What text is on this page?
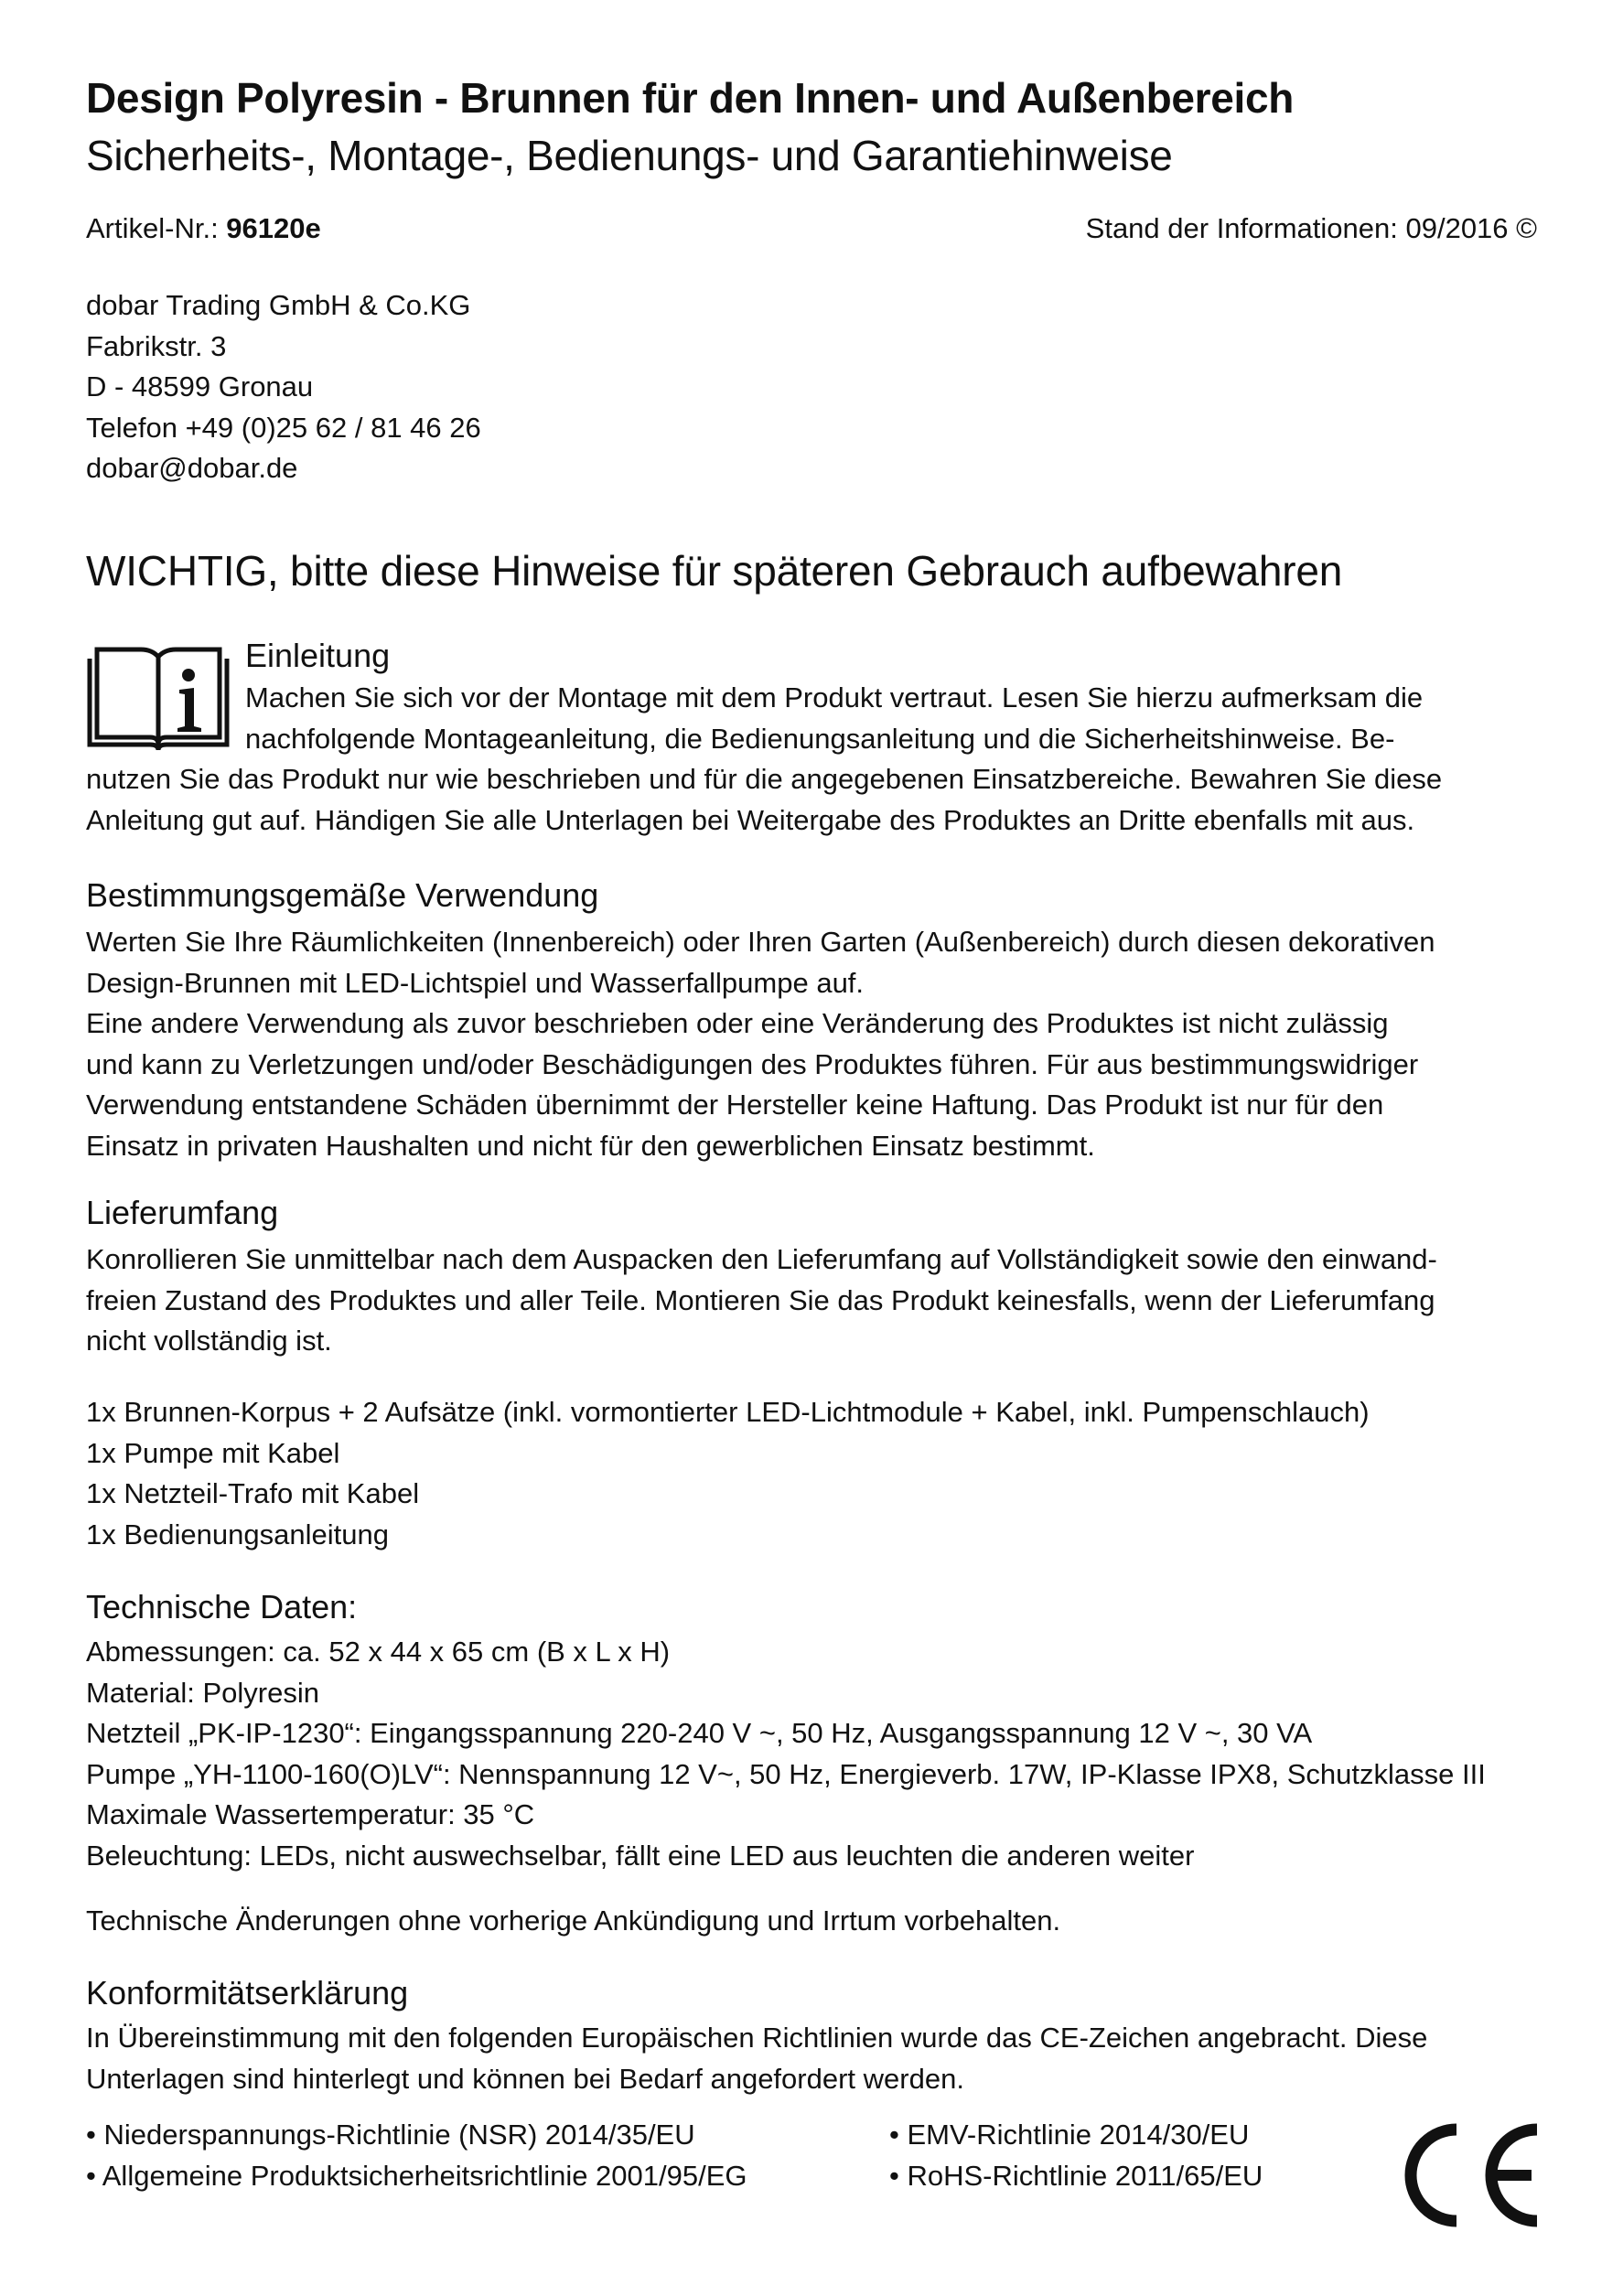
Design Polyresin - Brunnen für den Innen- und Außenbereich
Sicherheits-, Montage-, Bedienungs- und Garantiehinweise
Artikel-Nr.: 96120e	Stand der Informationen: 09/2016 ©
dobar Trading GmbH & Co.KG
Fabrikstr. 3
D - 48599 Gronau
Telefon +49 (0)25 62 / 81 46 26
dobar@dobar.de
WICHTIG, bitte diese Hinweise für späteren Gebrauch aufbewahren
Einleitung
Machen Sie sich vor der Montage mit dem Produkt vertraut. Lesen Sie hierzu aufmerksam die
nachfolgende Montageanleitung, die Bedienungsanleitung und die Sicherheitshinweise. Be-
nutzen Sie das Produkt nur wie beschrieben und für die angegebenen Einsatzbereiche. Bewahren Sie diese
Anleitung gut auf. Händigen Sie alle Unterlagen bei Weitergabe des Produktes an Dritte ebenfalls mit aus.
Bestimmungsgemäße Verwendung
Werten Sie Ihre Räumlichkeiten (Innenbereich) oder Ihren Garten (Außenbereich) durch diesen dekorativen
Design-Brunnen mit LED-Lichtspiel und Wasserfallpumpe auf.
Eine andere Verwendung als zuvor beschrieben oder eine Veränderung des Produktes ist nicht zulässig
und kann zu Verletzungen und/oder Beschädigungen des Produktes führen. Für aus bestimmungswidriger
Verwendung entstandene Schäden übernimmt der Hersteller keine Haftung. Das Produkt ist nur für den
Einsatz in privaten Haushalten und nicht für den gewerblichen Einsatz bestimmt.
Lieferumfang
Konrollieren Sie unmittelbar nach dem Auspacken den Lieferumfang auf Vollständigkeit sowie den einwand-
freien Zustand des Produktes und aller Teile. Montieren Sie das Produkt keinesfalls, wenn der Lieferumfang
nicht vollständig ist.
1x Brunnen-Korpus + 2 Aufsätze (inkl. vormontierter LED-Lichtmodule + Kabel, inkl. Pumpenschlauch)
1x Pumpe mit Kabel
1x Netzteil-Trafo mit Kabel
1x Bedienungsanleitung
Technische Daten:
Abmessungen: ca. 52 x 44 x 65 cm (B x L x H)
Material: Polyresin
Netzteil „PK-IP-1230“: Eingangsspannung 220-240 V ~, 50 Hz, Ausgangsspannung 12 V ~, 30 VA
Pumpe „YH-1100-160(O)LV“: Nennspannung 12 V~, 50 Hz, Energieverb. 17W, IP-Klasse IPX8, Schutzklasse III
Maximale Wassertemperatur: 35 °C
Beleuchtung: LEDs, nicht auswechselbar, fällt eine LED aus leuchten die anderen weiter
Technische Änderungen ohne vorherige Ankündigung und Irrtum vorbehalten.
Konformitätserklärung
In Übereinstimmung mit den folgenden Europäischen Richtlinien wurde das CE-Zeichen angebracht. Diese
Unterlagen sind hinterlegt und können bei Bedarf angefordert werden.
• Niederspannungs-Richtlinie (NSR) 2014/35/EU
• Allgemeine Produktsicherheitsrichtlinie 2001/95/EG
• EMV-Richtlinie 2014/30/EU
• RoHS-Richtlinie 2011/65/EU
